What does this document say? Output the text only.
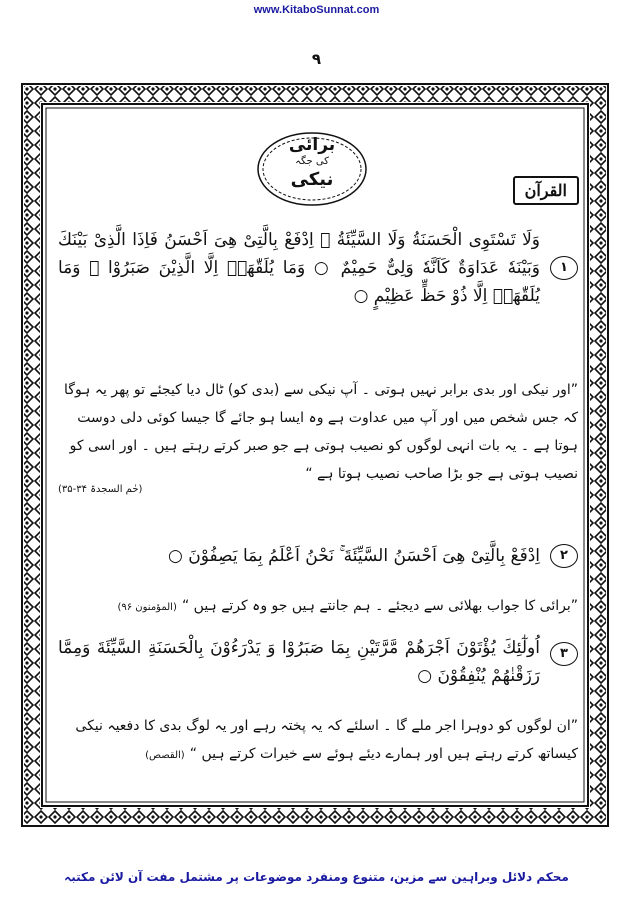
www.KitaboSunnat.com
٩
برائی
کی جگہ
نیکی
القرآن
١
وَلَا تَسْتَوِی الْحَسَنَةُ وَلَا السَّيِّئَةُ ۚ اِدْفَعْ بِالَّتِیْ هِیَ اَحْسَنُ فَاِذَا الَّذِیْ بَيْنَكَ وَبَيْنَهٗ عَدَاوَةٌ كَاَنَّهٗ وَلِیٌّ حَمِيْمٌ ○ وَمَا يُلَقّٰهَاۤ اِلَّا الَّذِيْنَ صَبَرُوْا ۚ وَمَا يُلَقّٰهَاۤ اِلَّا ذُوْ حَظٍّ عَظِيْمٍ ○
”اور نیکی اور بدی برابر نہیں ہوتی ۔ آپ نیکی سے (بدی کو) ٹال دیا کیجئے تو پھر یہ ہوگا کہ جس شخص میں اور آپ میں عداوت ہے وہ ایسا ہو جائے گا جیسا کوئی دلی دوست ہوتا ہے ۔ یہ بات انہی لوگوں کو نصیب ہوتی ہے جو صبر کرتے رہتے ہیں ۔ اور اسی کو نصیب ہوتی ہے جو بڑا صاحب نصیب ہوتا ہے “
(حٰم السجدۃ ۳۴-۳۵)
٢
اِدْفَعْ بِالَّتِیْ هِیَ اَحْسَنُ السَّيِّئَةَ ۚ نَحْنُ اَعْلَمُ بِمَا يَصِفُوْنَ ○
”برائی کا جواب بھلائی سے دیجئے ۔ ہم جانتے ہیں جو وہ کرتے ہیں “ (المؤمنون ۹۶)
٣
اُولٰٓئِكَ يُؤْتَوْنَ اَجْرَهُمْ مَّرَّتَيْنِ بِمَا صَبَرُوْا وَ يَدْرَءُوْنَ بِالْحَسَنَةِ السَّيِّئَةَ وَمِمَّا رَزَقْنٰهُمْ يُنْفِقُوْنَ ○
”ان لوگوں کو دوہرا اجر ملے گا ۔ اسلئے کہ یہ پختہ رہے اور یہ لوگ بدی کا دفعیہ نیکی کیساتھ کرتے رہتے ہیں اور ہمارے دیئے ہوئے سے خیرات کرتے ہیں “ (القصص)
محکم دلائل وبراہین سے مزین، متنوع ومنفرد موضوعات پر مشتمل مفت آن لائن مکتبہ
